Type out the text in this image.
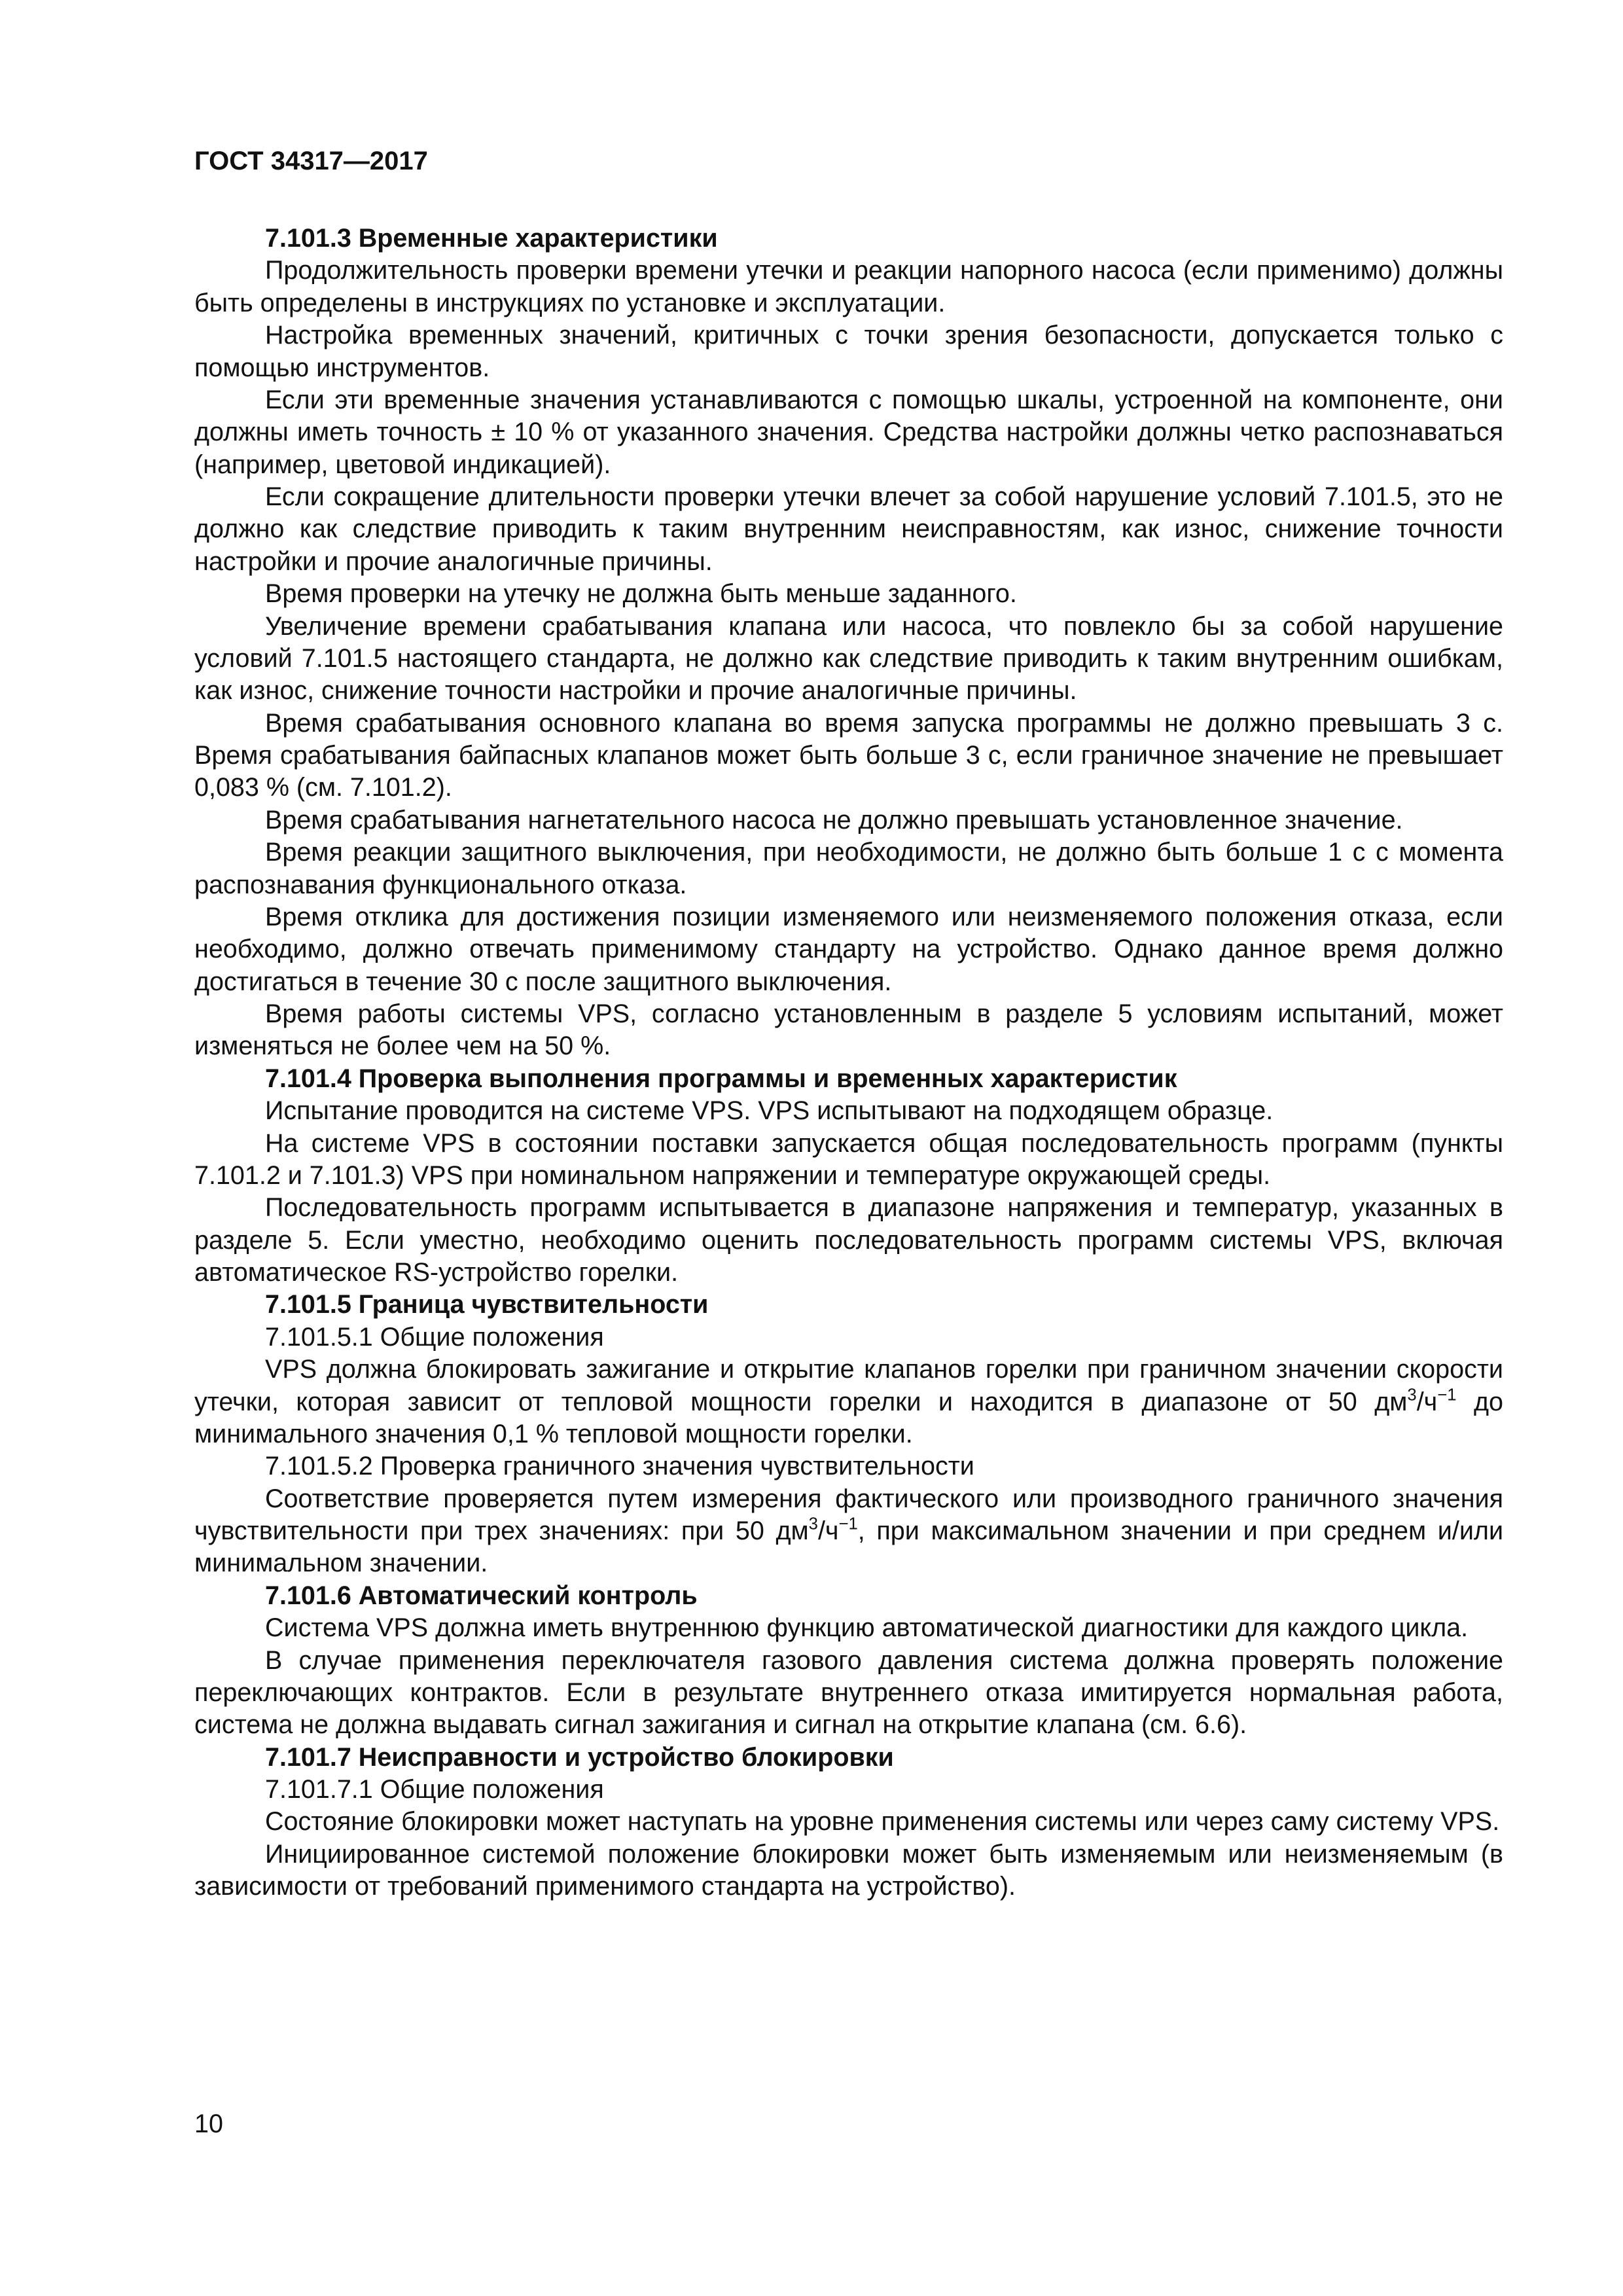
ГОСТ 34317—2017

7.101.3 Временные характеристики

Продолжительность проверки времени утечки и реакции напорного насоса (если применимо) должны быть определены в инструкциях по установке и эксплуатации.

Настройка временных значений, критичных с точки зрения безопасности, допускается только с помощью инструментов.

Если эти временные значения устанавливаются с помощью шкалы, устроенной на компоненте, они должны иметь точность ± 10 % от указанного значения. Средства настройки должны четко распознаваться (например, цветовой индикацией).

Если сокращение длительности проверки утечки влечет за собой нарушение условий 7.101.5, это не должно как следствие приводить к таким внутренним неисправностям, как износ, снижение точности настройки и прочие аналогичные причины.

Время проверки на утечку не должна быть меньше заданного.

Увеличение времени срабатывания клапана или насоса, что повлекло бы за собой нарушение условий 7.101.5 настоящего стандарта, не должно как следствие приводить к таким внутренним ошибкам, как износ, снижение точности настройки и прочие аналогичные причины.

Время срабатывания основного клапана во время запуска программы не должно превышать 3 с. Время срабатывания байпасных клапанов может быть больше 3 с, если граничное значение не превышает 0,083 % (см. 7.101.2).

Время срабатывания нагнетательного насоса не должно превышать установленное значение.

Время реакции защитного выключения, при необходимости, не должно быть больше 1 с с момента распознавания функционального отказа.

Время отклика для достижения позиции изменяемого или неизменяемого положения отказа, если необходимо, должно отвечать применимому стандарту на устройство. Однако данное время должно достигаться в течение 30 с после защитного выключения.

Время работы системы VPS, согласно установленным в разделе 5 условиям испытаний, может изменяться не более чем на 50 %.

7.101.4 Проверка выполнения программы и временных характеристик

Испытание проводится на системе VPS. VPS испытывают на подходящем образце.

На системе VPS в состоянии поставки запускается общая последовательность программ (пункты 7.101.2 и 7.101.3) VPS при номинальном напряжении и температуре окружающей среды.

Последовательность программ испытывается в диапазоне напряжения и температур, указанных в разделе 5. Если уместно, необходимо оценить последовательность программ системы VPS, включая автоматическое RS-устройство горелки.

7.101.5 Граница чувствительности

7.101.5.1 Общие положения

VPS должна блокировать зажигание и открытие клапанов горелки при граничном значении скорости утечки, которая зависит от тепловой мощности горелки и находится в диапазоне от 50 $дм^3/ч^{-1}$ до минимального значения 0,1 % тепловой мощности горелки.

7.101.5.2 Проверка граничного значения чувствительности

Соответствие проверяется путем измерения фактического или производного граничного значения чувствительности при трех значениях: при 50 $дм^3/ч^{-1}$, при максимальном значении и при среднем и/или минимальном значении.

7.101.6 Автоматический контроль

Система VPS должна иметь внутреннюю функцию автоматической диагностики для каждого цикла.

В случае применения переключателя газового давления система должна проверять положение переключающих контрактов. Если в результате внутреннего отказа имитируется нормальная работа, система не должна выдавать сигнал зажигания и сигнал на открытие клапана (см. 6.6).

7.101.7 Неисправности и устройство блокировки

7.101.7.1 Общие положения

Состояние блокировки может наступать на уровне применения системы или через саму систему VPS.

Инициированное системой положение блокировки может быть изменяемым или неизменяемым (в зависимости от требований применимого стандарта на устройство).

10
